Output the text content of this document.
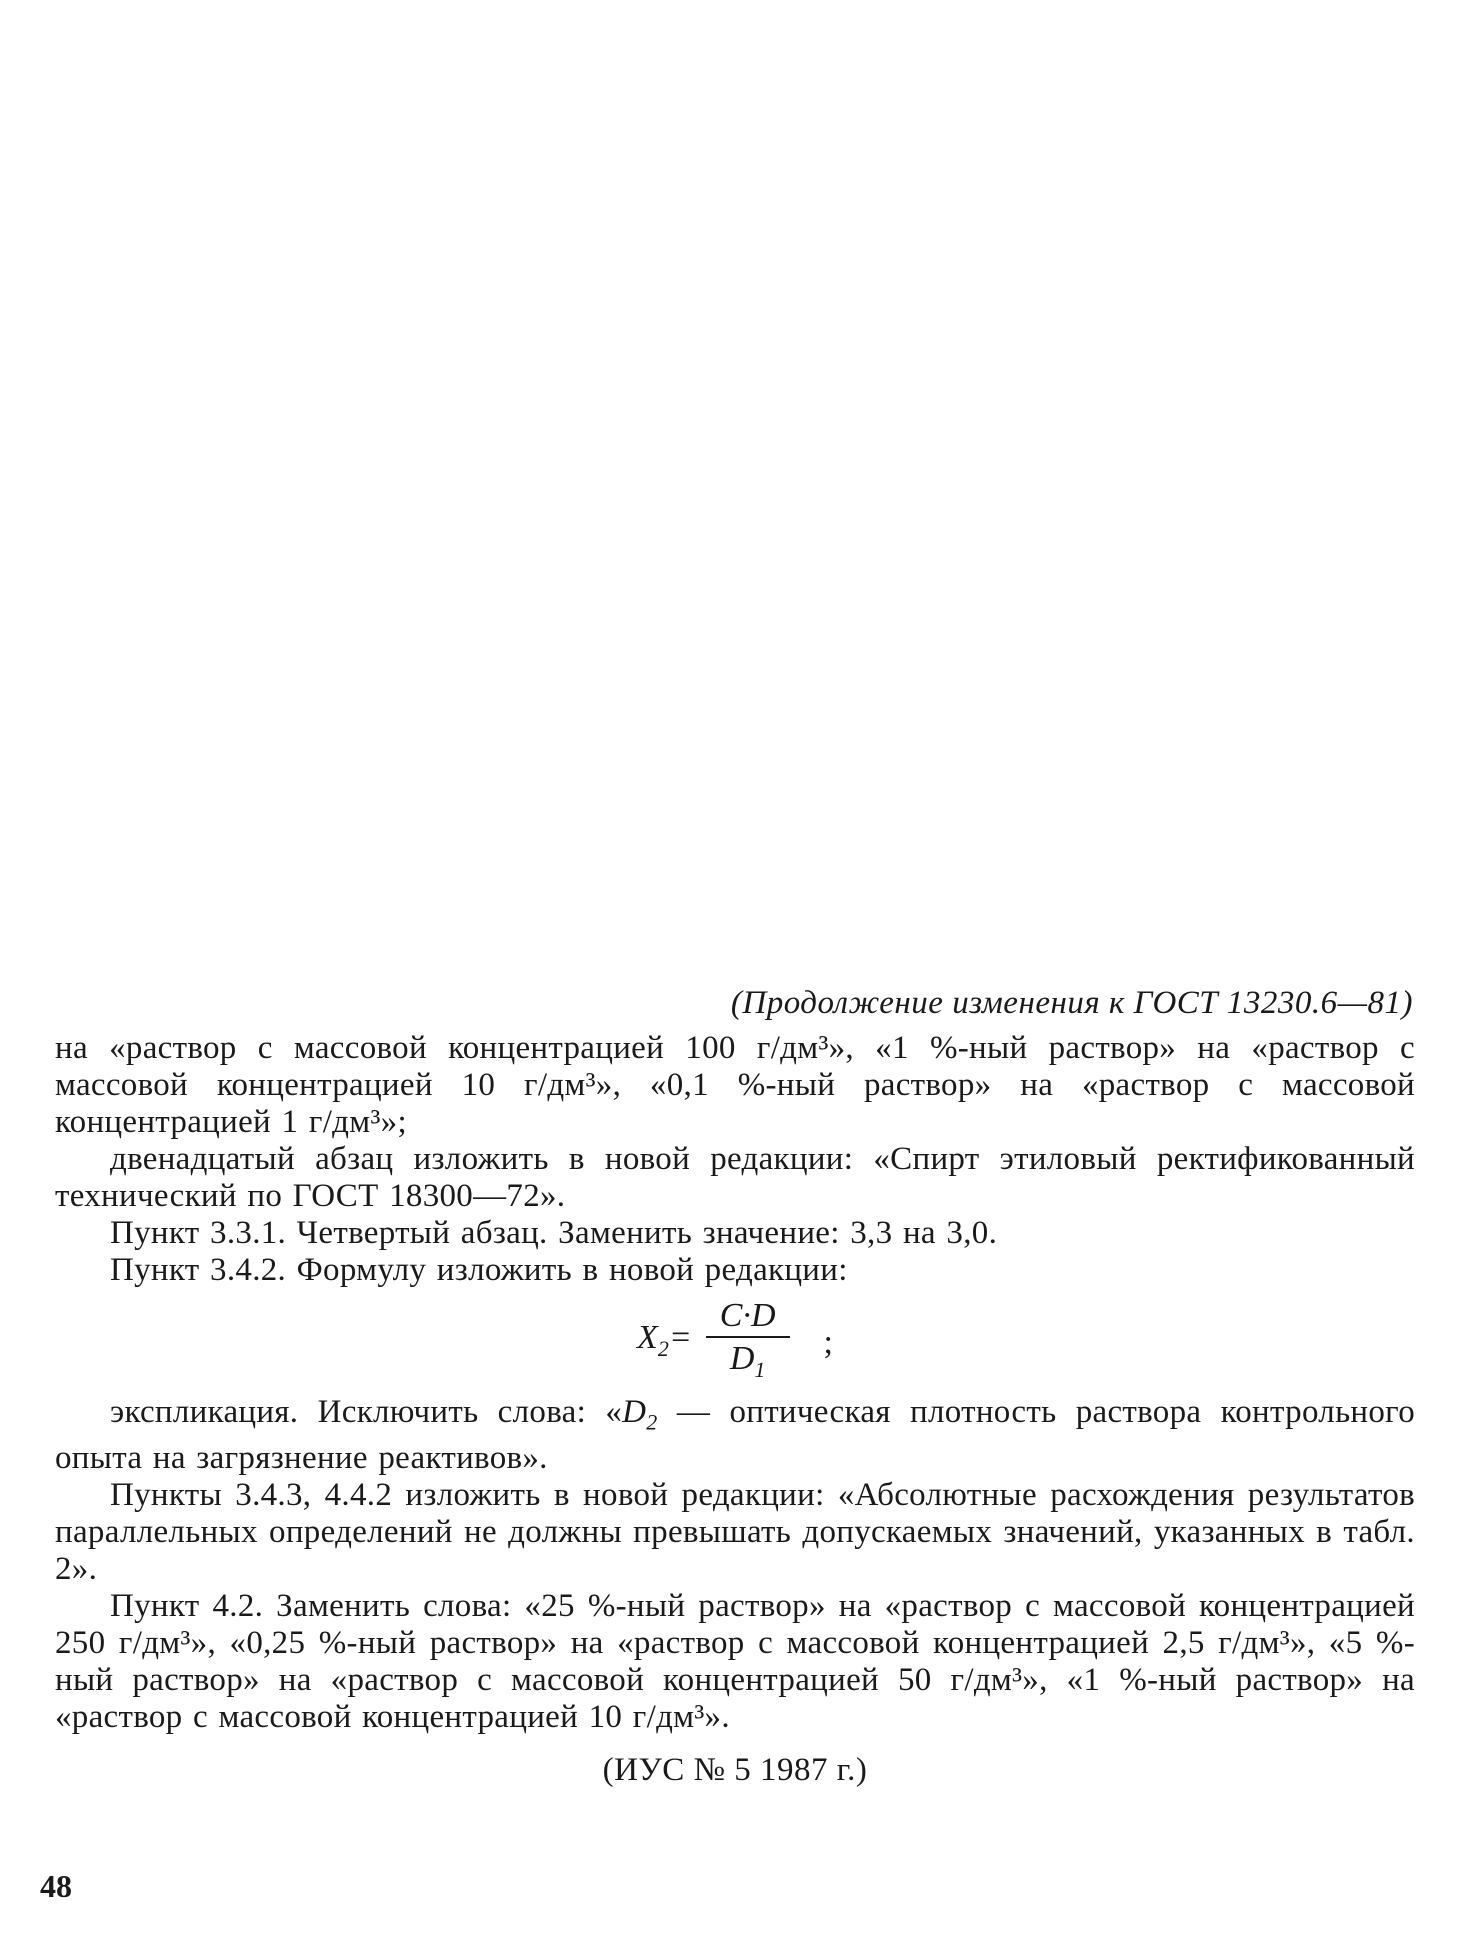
(Продолжение изменения к ГОСТ 13230.6—81)

на «раствор с массовой концентрацией 100 г/дм³», «1 %-ный раствор» на «раствор с массовой концентрацией 10 г/дм³», «0,1 %-ный раствор» на «раствор с массовой концентрацией 1 г/дм³»;

двенадцатый абзац изложить в новой редакции: «Спирт этиловый ректификованный технический по ГОСТ 18300—72».

Пункт 3.3.1. Четвертый абзац. Заменить значение: 3,3 на 3,0.

Пункт 3.4.2. Формулу изложить в новой редакции:

$X_2= \frac{C\cdot D}{D_1}$ ;

экспликация. Исключить слова: «$D_2$ — оптическая плотность раствора контрольного опыта на загрязнение реактивов».

Пункты 3.4.3, 4.4.2 изложить в новой редакции: «Абсолютные расхождения результатов параллельных определений не должны превышать допускаемых значений, указанных в табл. 2».

Пункт 4.2. Заменить слова: «25 %-ный раствор» на «раствор с массовой концентрацией 250 г/дм³», «0,25 %-ный раствор» на «раствор с массовой концентрацией 2,5 г/дм³», «5 %-ный раствор» на «раствор с массовой концентрацией 50 г/дм³», «1 %-ный раствор» на «раствор с массовой концентрацией 10 г/дм³».

(ИУС № 5 1987 г.)
48
